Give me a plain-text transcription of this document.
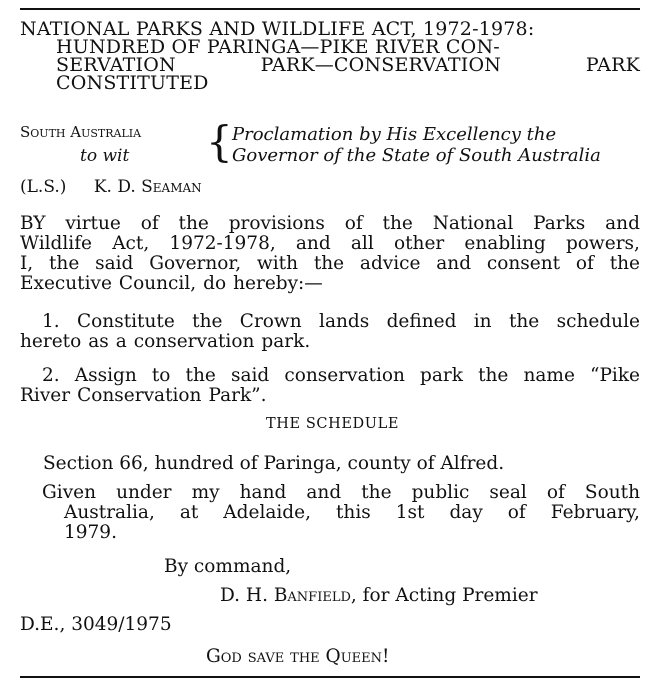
NATIONAL PARKS AND WILDLIFE ACT, 1972-1978:
HUNDRED OF PARINGA—PIKE RIVER CON-
SERVATION	PARK—CONSERVATION	PARK
CONSTITUTED
South Australia
to wit { Proclamation by His Excellency the
Governor of the State of South Australia
(L.S.) K. D. Seaman
BY virtue of the provisions of the National Parks and
Wildlife Act, 1972-1978, and all other enabling powers,
I, the said Governor, with the advice and consent of the
Executive Council, do hereby:—
1. Constitute the Crown lands defined in the schedule
hereto as a conservation park.
2. Assign to the said conservation park the name “Pike
River Conservation Park”.
THE SCHEDULE
Section 66, hundred of Paringa, county of Alfred.
Given under my hand and the public seal of South
Australia, at Adelaide, this 1st day of February,
1979.
By command,
D. H. Banfield, for Acting Premier
D.E., 3049/1975
God save the Queen!
